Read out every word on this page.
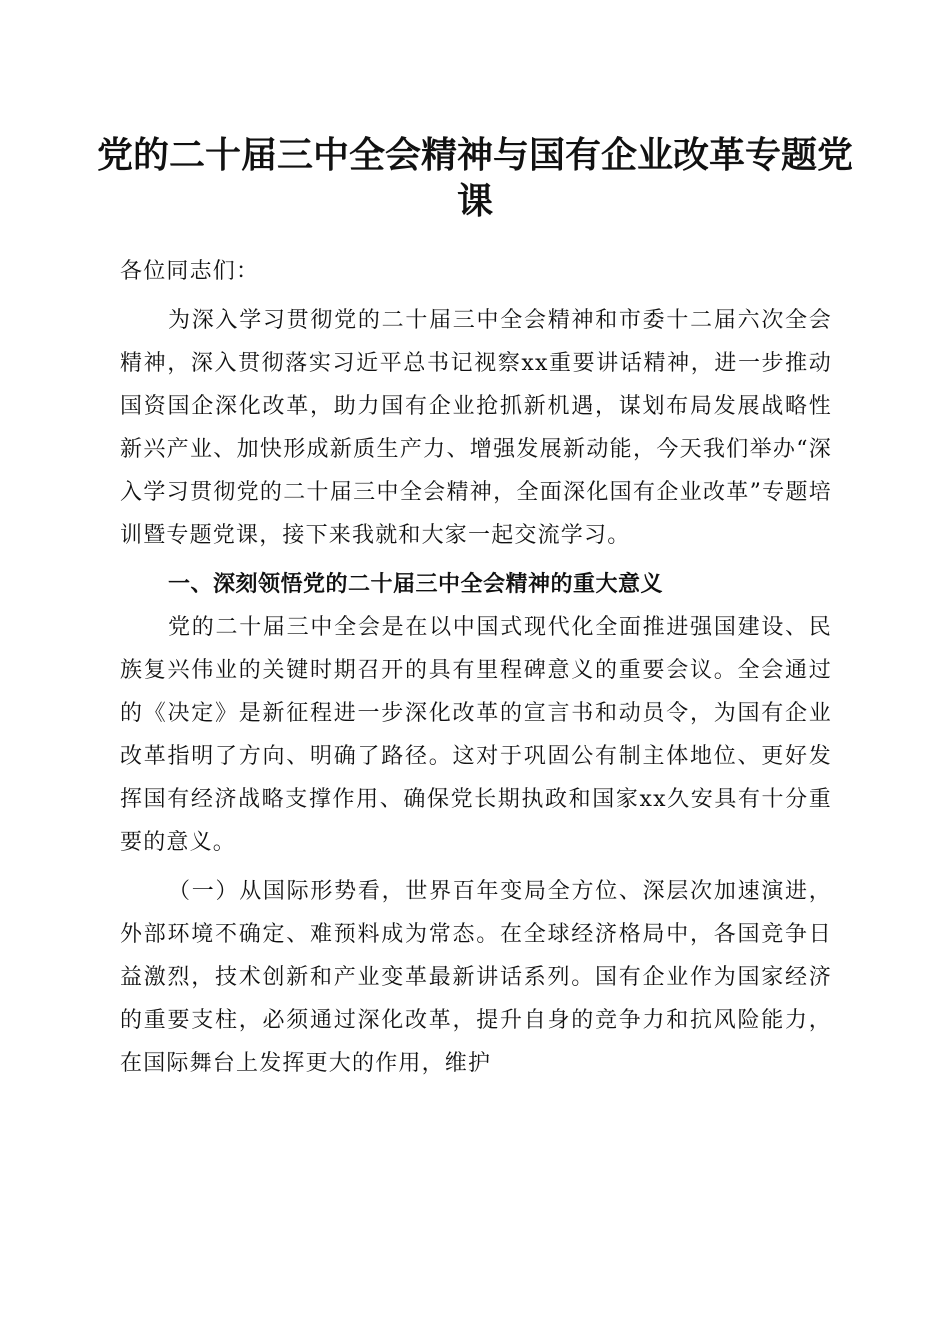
党的二十届三中全会精神与国有企业改革专题党课

各位同志们：

为深入学习贯彻党的二十届三中全会精神和市委十二届六次全会精神，深入贯彻落实习近平总书记视察xx重要讲话精神，进一步推动国资国企深化改革，助力国有企业抢抓新机遇，谋划布局发展战略性新兴产业、加快形成新质生产力、增强发展新动能，今天我们举办“深入学习贯彻党的二十届三中全会精神，全面深化国有企业改革”专题培训暨专题党课，接下来我就和大家一起交流学习。

一、深刻领悟党的二十届三中全会精神的重大意义

党的二十届三中全会是在以中国式现代化全面推进强国建设、民族复兴伟业的关键时期召开的具有里程碑意义的重要会议。全会通过的《决定》是新征程进一步深化改革的宣言书和动员令，为国有企业改革指明了方向、明确了路径。这对于巩固公有制主体地位、更好发挥国有经济战略支撑作用、确保党长期执政和国家xx久安具有十分重要的意义。

（一）从国际形势看，世界百年变局全方位、深层次加速演进，外部环境不确定、难预料成为常态。在全球经济格局中，各国竞争日益激烈，技术创新和产业变革最新讲话系列。国有企业作为国家经济的重要支柱，必须通过深化改革，提升自身的竞争力和抗风险能力，在国际舞台上发挥更大的作用，维护
